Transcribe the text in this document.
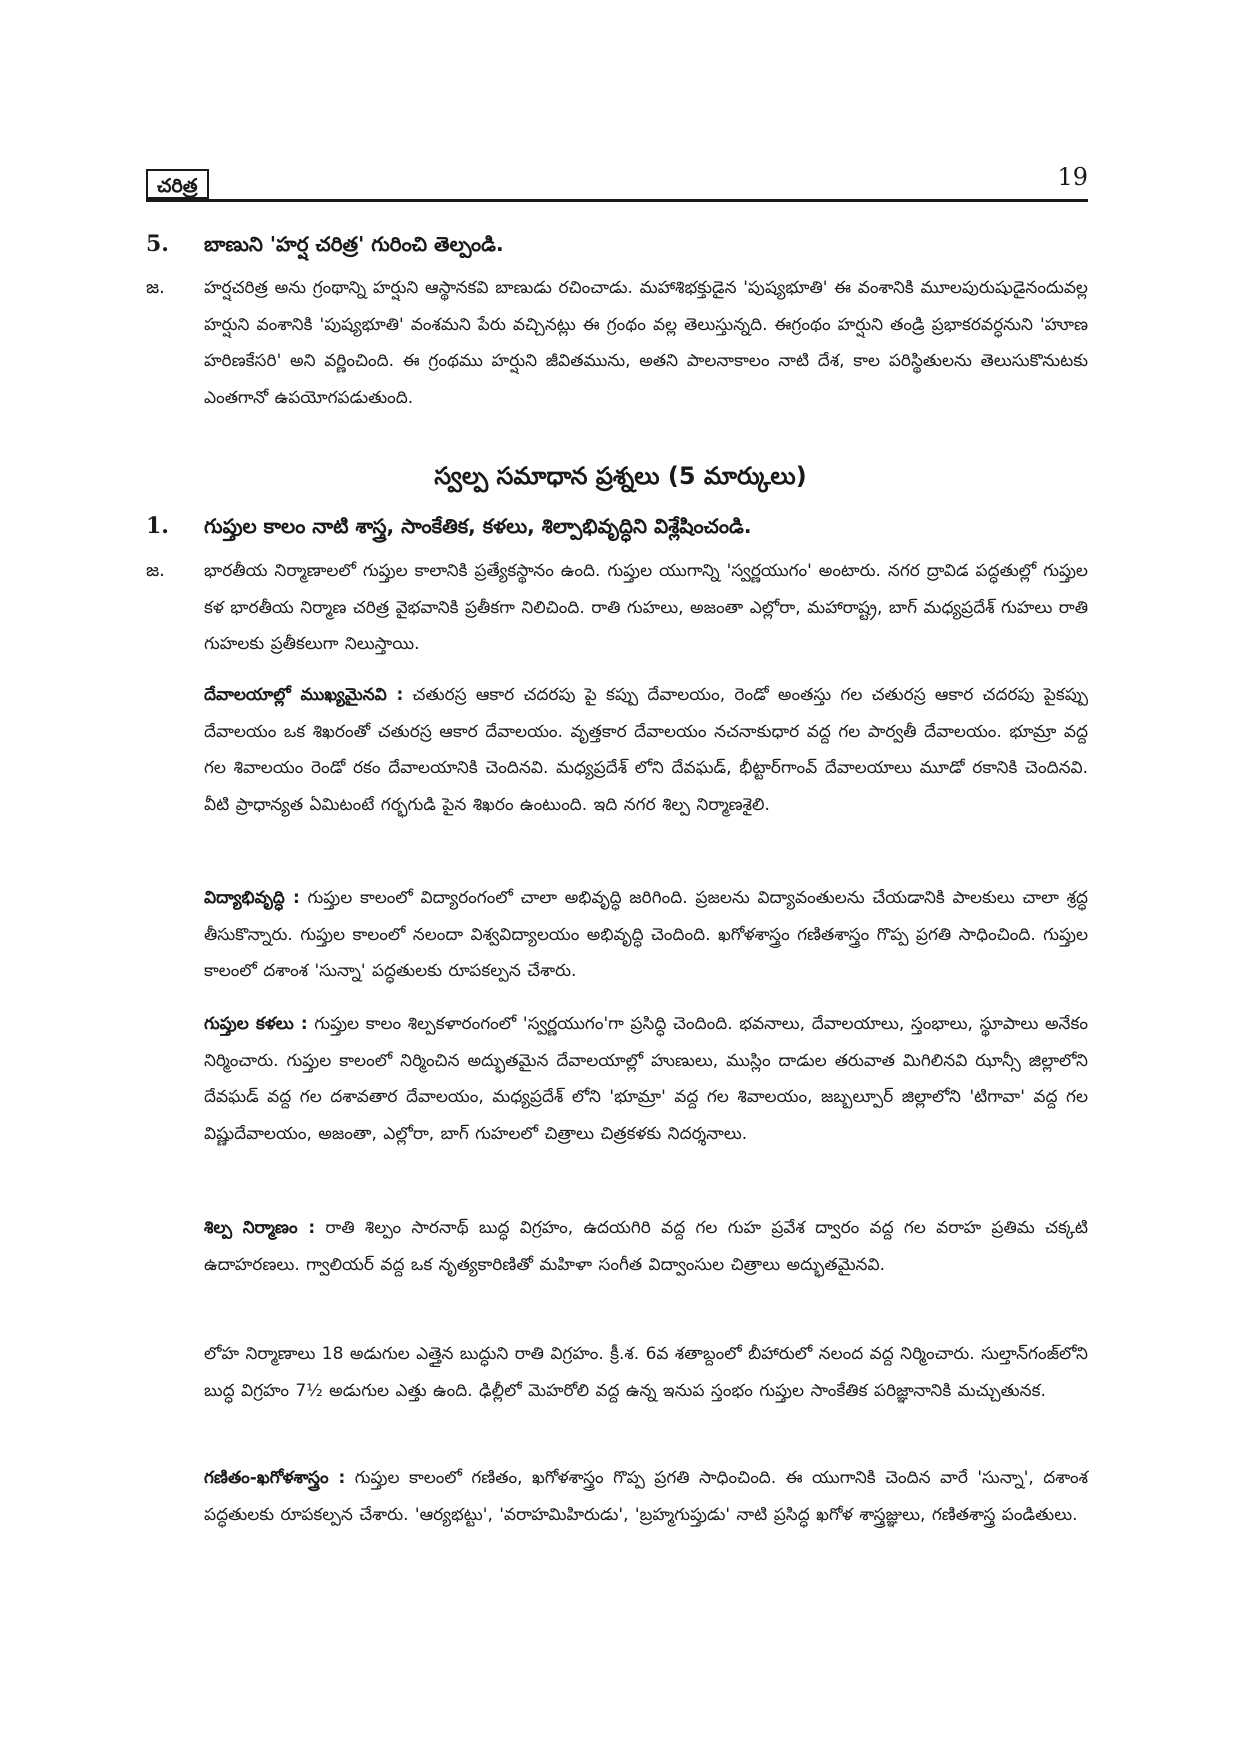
చరిత్ర	19
5. బాణుని 'హర్ష చరిత్ర' గురించి తెల్పండి.
జ. హర్షచరిత్ర అను గ్రంథాన్ని హర్షుని ఆస్థానకవి బాణుడు రచించాడు. మహాశిభక్తుడైన 'పుష్యభూతి' ఈ వంశానికి మూలపురుషుడైనందువల్ల హర్షుని వంశానికి 'పుష్యభూతి' వంశమని పేరు వచ్చినట్లు ఈ గ్రంథం వల్ల తెలుస్తున్నది. ఈగ్రంథం హర్షుని తండ్రి ప్రభాకరవర్ధనుని 'హూణ హరిణకేసరి' అని వర్ణించింది. ఈ గ్రంథము హర్షుని జీవితమును, అతని పాలనాకాలం నాటి దేశ, కాల పరిస్థితులను తెలుసుకొనుటకు ఎంతగానో ఉపయోగపడుతుంది.

స్వల్ప సమాధాన ప్రశ్నలు (5 మార్కులు)
1. గుప్తుల కాలం నాటి శాస్త్ర, సాంకేతిక, కళలు, శిల్పాభివృద్ధిని విశ్లేషించండి.
జ. భారతీయ నిర్మాణాలలో గుప్తుల కాలానికి ప్రత్యేకస్థానం ఉంది. గుప్తుల యుగాన్ని 'స్వర్ణయుగం' అంటారు. నగర ద్రావిడ పద్ధతుల్లో గుప్తుల కళ భారతీయ నిర్మాణ చరిత్ర వైభవానికి ప్రతీకగా నిలిచింది. రాతి గుహలు, అజంతా ఎల్లోరా, మహారాష్ట్ర, బాగ్ మధ్యప్రదేశ్ గుహలు రాతి గుహలకు ప్రతీకలుగా నిలుస్తాయి.

దేవాలయాల్లో ముఖ్యమైనవి : చతురస్ర ఆకార చదరపు పై కప్పు దేవాలయం, రెండో అంతస్తు గల చతురస్ర ఆకార చదరపు పైకప్పు దేవాలయం ఒక శిఖరంతో చతురస్ర ఆకార దేవాలయం. వృత్తకార దేవాలయం నచనాకుధార వద్ద గల పార్వతీ దేవాలయం. భూమ్రా వద్ద గల శివాలయం రెండో రకం దేవాలయానికి చెందినవి. మధ్యప్రదేశ్ లోని దేవఘడ్, భీట్టార్‌గాంవ్ దేవాలయాలు మూడో రకానికి చెందినవి. వీటి ప్రాధాన్యత ఏమిటంటే గర్భగుడి పైన శిఖరం ఉంటుంది. ఇది నగర శిల్ప నిర్మాణశైలి.

విద్యాభివృద్ధి : గుప్తుల కాలంలో విద్యారంగంలో చాలా అభివృద్ధి జరిగింది. ప్రజలను విద్యావంతులను చేయడానికి పాలకులు చాలా శ్రద్ధ తీసుకొన్నారు. గుప్తుల కాలంలో నలందా విశ్వవిద్యాలయం అభివృద్ధి చెందింది. ఖగోళశాస్త్రం గణితశాస్త్రం గొప్ప ప్రగతి సాధించింది. గుప్తుల కాలంలో దశాంశ 'సున్నా' పద్ధతులకు రూపకల్పన చేశారు.

గుప్తుల కళలు : గుప్తుల కాలం శిల్పకళారంగంలో 'స్వర్ణయుగం'గా ప్రసిద్ధి చెందింది. భవనాలు, దేవాలయాలు, స్తంభాలు, స్థూపాలు అనేకం నిర్మించారు. గుప్తుల కాలంలో నిర్మించిన అద్భుతమైన దేవాలయాల్లో హుణులు, ముస్లిం దాడుల తరువాత మిగిలినవి ఝాన్సీ జిల్లాలోని దేవఘడ్ వద్ద గల దశావతార దేవాలయం, మధ్యప్రదేశ్ లోని 'భూమ్రా' వద్ద గల శివాలయం, జబ్బల్పూర్ జిల్లాలోని 'టిగావా' వద్ద గల విష్ణుదేవాలయం, అజంతా, ఎల్లోరా, బాగ్ గుహలలో చిత్రాలు చిత్రకళకు నిదర్శనాలు.

శిల్ప నిర్మాణం : రాతి శిల్పం సారనాథ్ బుద్ధ విగ్రహం, ఉదయగిరి వద్ద గల గుహ ప్రవేశ ద్వారం వద్ద గల వరాహ ప్రతిమ చక్కటి ఉదాహరణలు. గ్వాలియర్ వద్ద ఒక నృత్యకారిణితో మహిళా సంగీత విద్వాంసుల చిత్రాలు అద్భుతమైనవి.

లోహ నిర్మాణాలు 18 అడుగుల ఎత్తైన బుద్ధుని రాతి విగ్రహం. క్రీ.శ. 6వ శతాబ్దంలో బీహారులో నలంద వద్ద నిర్మించారు. సుల్తాన్‌గంజ్‌లోని బుద్ధ విగ్రహం 7½ అడుగుల ఎత్తు ఉంది. ఢిల్లీలో మెహరోలి వద్ద ఉన్న ఇనుప స్తంభం గుప్తుల సాంకేతిక పరిజ్ఞానానికి మచ్చుతునక.

గణితం-ఖగోళశాస్త్రం : గుప్తుల కాలంలో గణితం, ఖగోళశాస్త్రం గొప్ప ప్రగతి సాధించింది. ఈ యుగానికి చెందిన వారే 'సున్నా', దశాంశ పద్ధతులకు రూపకల్పన చేశారు. 'ఆర్యభట్టు', 'వరాహమిహిరుడు', 'బ్రహ్మగుప్తుడు' నాటి ప్రసిద్ధ ఖగోళ శాస్త్రజ్ఞులు, గణితశాస్త్ర పండితులు.
